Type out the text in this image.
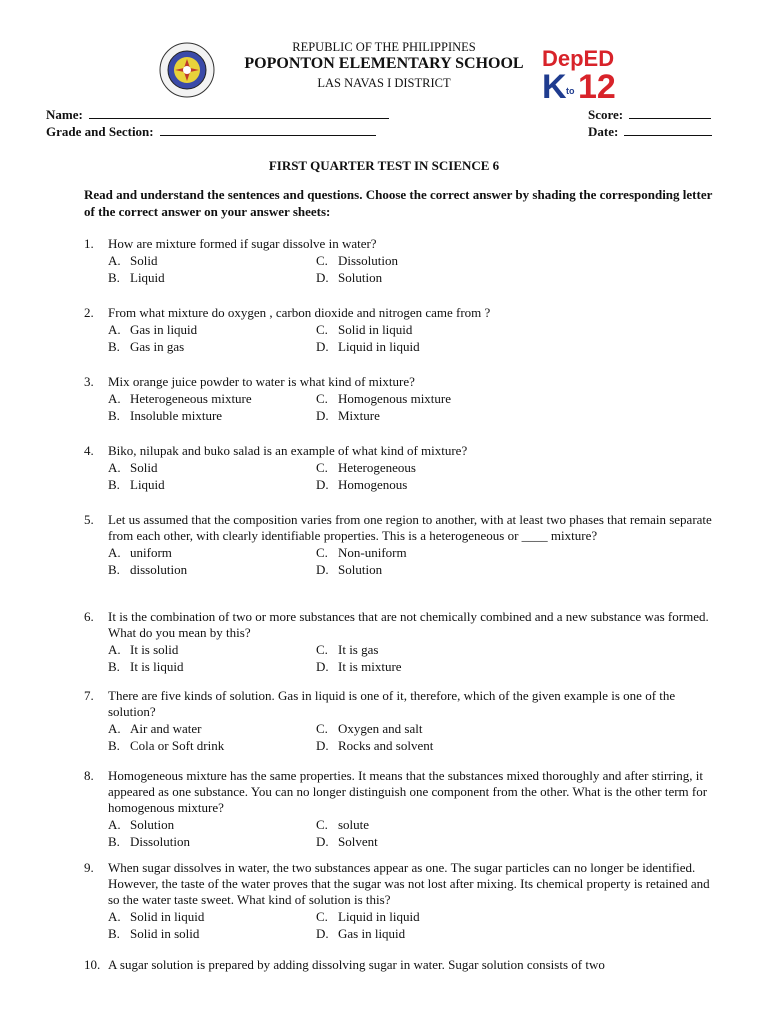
REPUBLIC OF THE PHILIPPINES
POPONTON ELEMENTARY SCHOOL
LAS NAVAS I DISTRICT
DepED
K to 12
Name:	Score:
Grade and Section:	Date:
FIRST QUARTER TEST IN SCIENCE 6
Read and understand the sentences and questions. Choose the correct answer by shading the corresponding letter of the correct answer on your answer sheets:
1. How are mixture formed if sugar dissolve in water?
A. Solid	C. Dissolution
B. Liquid	D. Solution
2. From what mixture do oxygen , carbon dioxide and nitrogen came from ?
A. Gas in liquid	C. Solid in liquid
B. Gas in gas	D. Liquid in liquid
3. Mix orange juice powder to water is what kind of mixture?
A. Heterogeneous mixture	C. Homogenous mixture
B. Insoluble mixture	D. Mixture
4. Biko, nilupak and buko salad is an example of what kind of mixture?
A. Solid	C. Heterogeneous
B. Liquid	D. Homogenous
5. Let us assumed that the composition varies from one region to another, with at least two phases that remain separate from each other, with clearly identifiable properties. This is a heterogeneous or ____ mixture?
A. uniform	C. Non-uniform
B. dissolution	D. Solution
6. It is the combination of two or more substances that are not chemically combined and a new substance was formed. What do you mean by this?
A. It is solid	C. It is gas
B. It is liquid	D. It is mixture
7. There are five kinds of solution. Gas in liquid is one of it, therefore, which of the given example is one of the solution?
A. Air and water	C. Oxygen and salt
B. Cola or Soft drink	D. Rocks and solvent
8. Homogeneous mixture has the same properties. It means that the substances mixed thoroughly and after stirring, it appeared as one substance. You can no longer distinguish one component from the other. What is the other term for homogenous mixture?
A. Solution	C. solute
B. Dissolution	D. Solvent
9. When sugar dissolves in water, the two substances appear as one. The sugar particles can no longer be identified. However, the taste of the water proves that the sugar was not lost after mixing. Its chemical property is retained and so the water taste sweet. What kind of solution is this?
A. Solid in liquid	C. Liquid in liquid
B. Solid in solid	D. Gas in liquid
10. A sugar solution is prepared by adding dissolving sugar in water. Sugar solution consists of two
